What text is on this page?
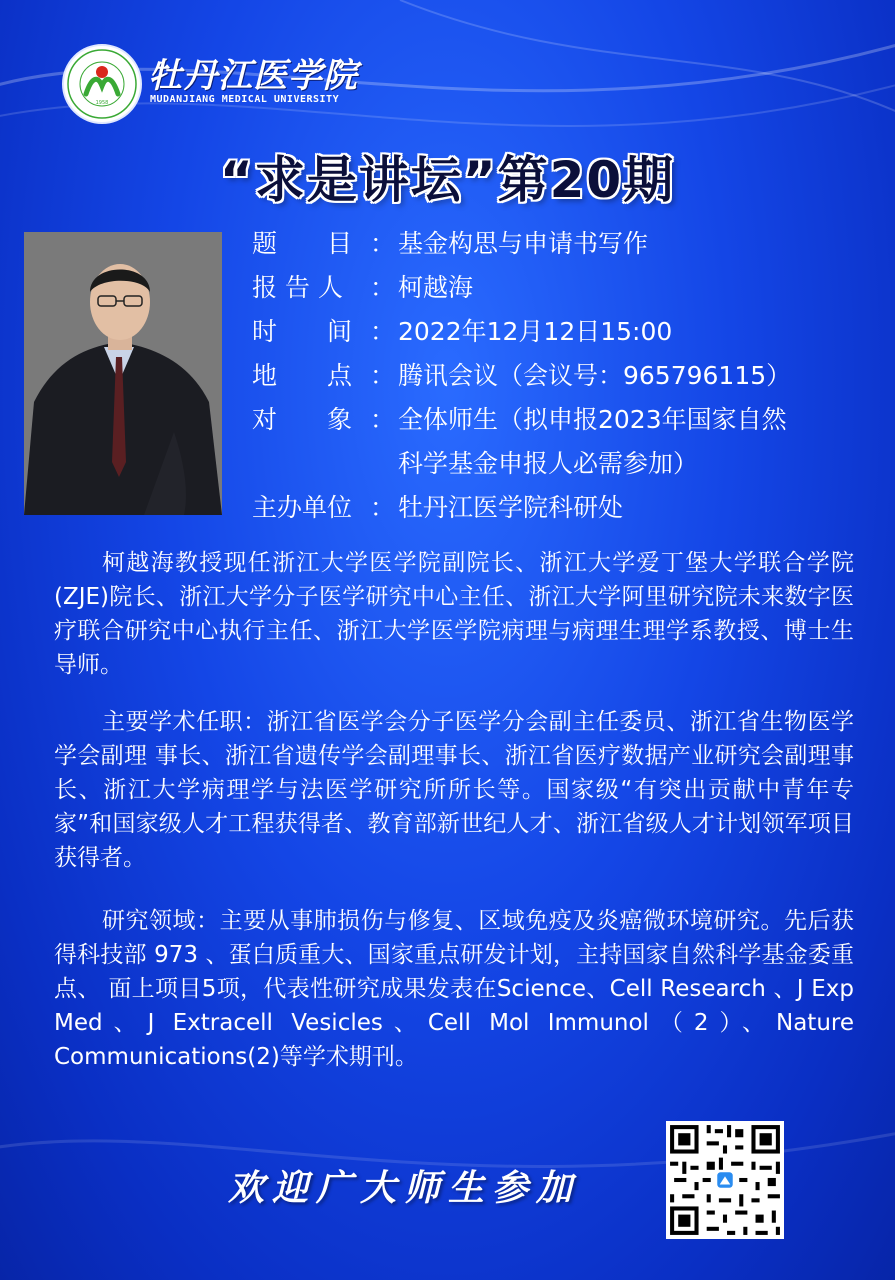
1958
牡丹江医学院
MUDANJIANG MEDICAL UNIVERSITY
“求是讲坛”第20期
题　　目 ： 基金构思与申请书写作
报 告 人	： 柯越海
时　　间 ： 2022年12月12日15:00
地　　点 ： 腾讯会议（会议号：965796115）
对　　象 ： 全体师生（拟申报2023年国家自然
科学基金申报人必需参加）
主办单位 ： 牡丹江医学院科研处
柯越海教授现任浙江大学医学院副院长、浙江大学爱丁堡大学联合学院(ZJE)院长、浙江大学分子医学研究中心主任、浙江大学阿里研究院未来数字医疗联合研究中心执行主任、浙江大学医学院病理与病理生理学系教授、博士生导师。
主要学术任职：浙江省医学会分子医学分会副主任委员、浙江省生物医学学会副理 事长、浙江省遗传学会副理事长、浙江省医疗数据产业研究会副理事长、浙江大学病理学与法医学研究所所长等。国家级“有突出贡献中青年专家”和国家级人才工程获得者、教育部新世纪人才、浙江省级人才计划领军项目获得者。
研究领域：主要从事肺损伤与修复、区域免疫及炎癌微环境研究。先后获得科技部 973 、蛋白质重大、国家重点研发计划，主持国家自然科学基金委重点、 面上项目5项，代表性研究成果发表在Science、Cell Research 、J Exp Med、J Extracell Vesicles、Cell Mol Immunol（2）、Nature Communications(2)等学术期刊。
欢迎广大师生参加
